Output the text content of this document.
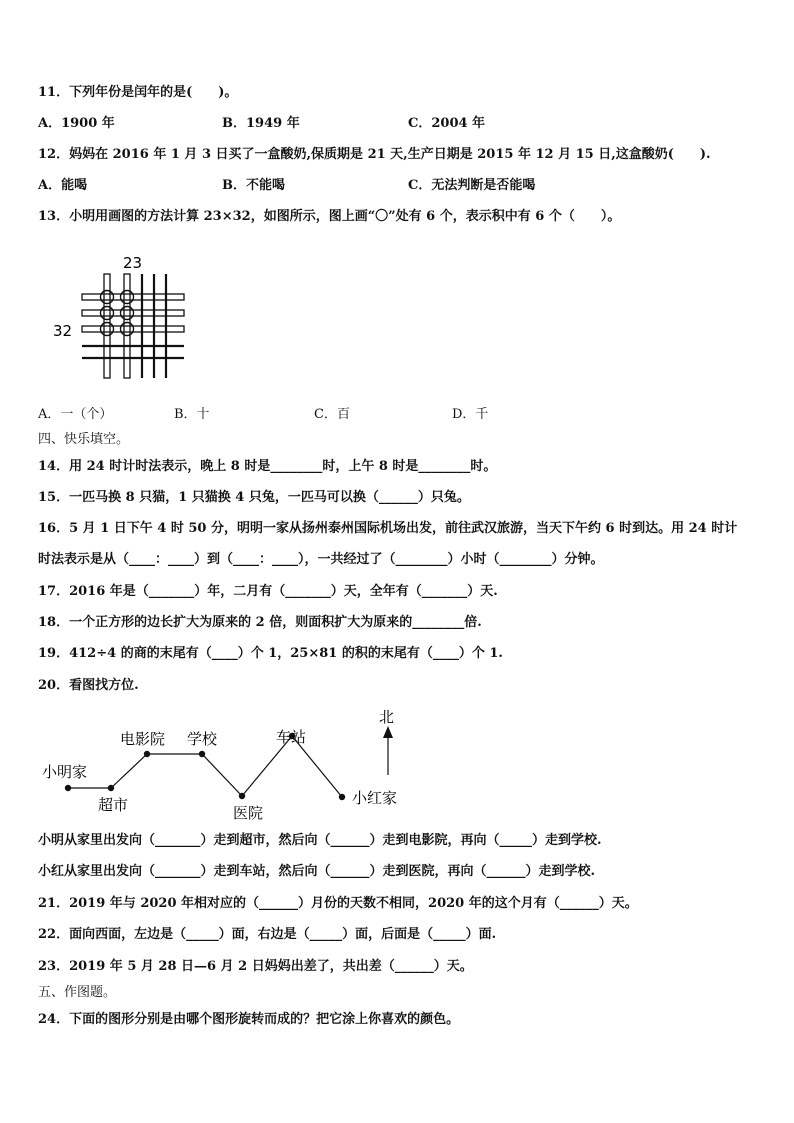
11．下列年份是闰年的是(　　)。
A．1900 年	B．1949 年	C．2004 年
12．妈妈在 2016 年 1 月 3 日买了一盒酸奶,保质期是 21 天,生产日期是 2015 年 12 月 15 日,这盒酸奶(　　).
A．能喝	B．不能喝	C．无法判断是否能喝
13．小明用画图的方法计算 23×32，如图所示，图上画“〇”处有 6 个，表示积中有 6 个（　　）。
23
32
A．一（个）	B．十	C．百	D．千
四、快乐填空。
14．用 24 时计时法表示，晚上 8 时是________时，上午 8 时是________时。
15．一匹马换 8 只猫，1 只猫换 4 只兔，一匹马可以换（______）只兔。
16．5 月 1 日下午 4 时 50 分，明明一家从扬州泰州国际机场出发，前往武汉旅游，当天下午约 6 时到达。用 24 时计
时法表示是从（____：____）到（____：____），一共经过了（________）小时（________）分钟。
17．2016 年是（_______）年，二月有（_______）天，全年有（_______）天.
18．一个正方形的边长扩大为原来的 2 倍，则面积扩大为原来的________倍.
19．412÷4 的商的末尾有（____）个 1，25×81 的积的末尾有（____）个 1.
20．看图找方位.
北
小明家
超市
电影院 学校
医院
车站
小红家
小明从家里出发向（_______）走到超市，然后向（______）走到电影院，再向（_____）走到学校.
小红从家里出发向（_______）走到车站，然后向（______）走到医院，再向（______）走到学校.
21．2019 年与 2020 年相对应的（______）月份的天数不相同，2020 年的这个月有（______）天。
22．面向西面，左边是（_____）面，右边是（_____）面，后面是（_____）面.
23．2019 年 5 月 28 日—6 月 2 日妈妈出差了，共出差（______）天。
五、作图题。
24．下面的图形分别是由哪个图形旋转而成的？把它涂上你喜欢的颜色。
